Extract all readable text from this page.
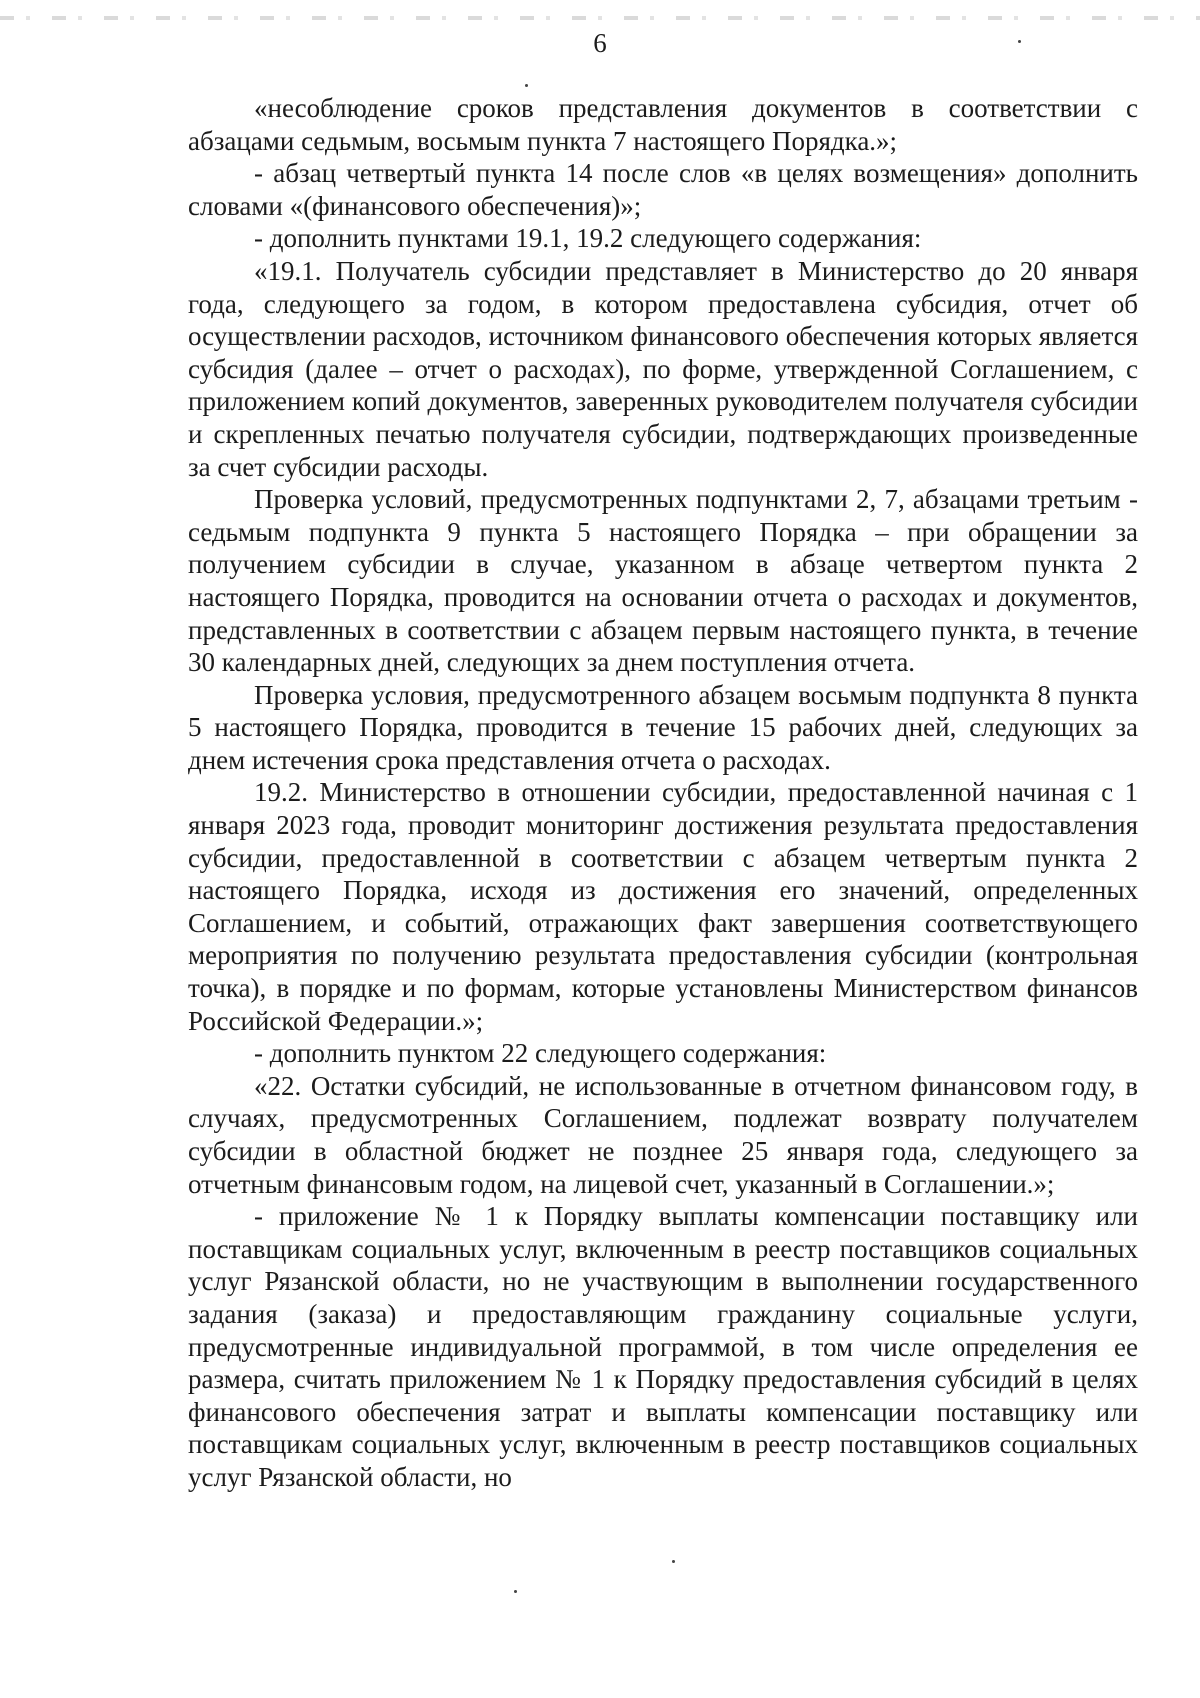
6

«несоблюдение сроков представления документов в соответствии с абзацами седьмым, восьмым пункта 7 настоящего Порядка.»;

- абзац четвертый пункта 14 после слов «в целях возмещения» дополнить словами «(финансового обеспечения)»;

- дополнить пунктами 19.1, 19.2 следующего содержания:

«19.1. Получатель субсидии представляет в Министерство до 20 января года, следующего за годом, в котором предоставлена субсидия, отчет об осуществлении расходов, источником финансового обеспечения которых является субсидия (далее – отчет о расходах), по форме, утвержденной Соглашением, с приложением копий документов, заверенных руководителем получателя субсидии и скрепленных печатью получателя субсидии, подтверждающих произведенные за счет субсидии расходы.

Проверка условий, предусмотренных подпунктами 2, 7, абзацами третьим - седьмым подпункта 9 пункта 5 настоящего Порядка – при обращении за получением субсидии в случае, указанном в абзаце четвертом пункта 2 настоящего Порядка, проводится на основании отчета о расходах и документов, представленных в соответствии с абзацем первым настоящего пункта, в течение 30 календарных дней, следующих за днем поступления отчета.

Проверка условия, предусмотренного абзацем восьмым подпункта 8 пункта 5 настоящего Порядка, проводится в течение 15 рабочих дней, следующих за днем истечения срока представления отчета о расходах.

19.2. Министерство в отношении субсидии, предоставленной начиная с 1 января 2023 года, проводит мониторинг достижения результата предоставления субсидии, предоставленной в соответствии с абзацем четвертым пункта 2 настоящего Порядка, исходя из достижения его значений, определенных Соглашением, и событий, отражающих факт завершения соответствующего мероприятия по получению результата предоставления субсидии (контрольная точка), в порядке и по формам, которые установлены Министерством финансов Российской Федерации.»;

- дополнить пунктом 22 следующего содержания:

«22. Остатки субсидий, не использованные в отчетном финансовом году, в случаях, предусмотренных Соглашением, подлежат возврату получателем субсидии в областной бюджет не позднее 25 января года, следующего за отчетным финансовым годом, на лицевой счет, указанный в Соглашении.»;

- приложение № 1 к Порядку выплаты компенсации поставщику или поставщикам социальных услуг, включенным в реестр поставщиков социальных услуг Рязанской области, но не участвующим в выполнении государственного задания (заказа) и предоставляющим гражданину социальные услуги, предусмотренные индивидуальной программой, в том числе определения ее размера, считать приложением № 1 к Порядку предоставления субсидий в целях финансового обеспечения затрат и выплаты компенсации поставщику или поставщикам социальных услуг, включенным в реестр поставщиков социальных услуг Рязанской области, но
